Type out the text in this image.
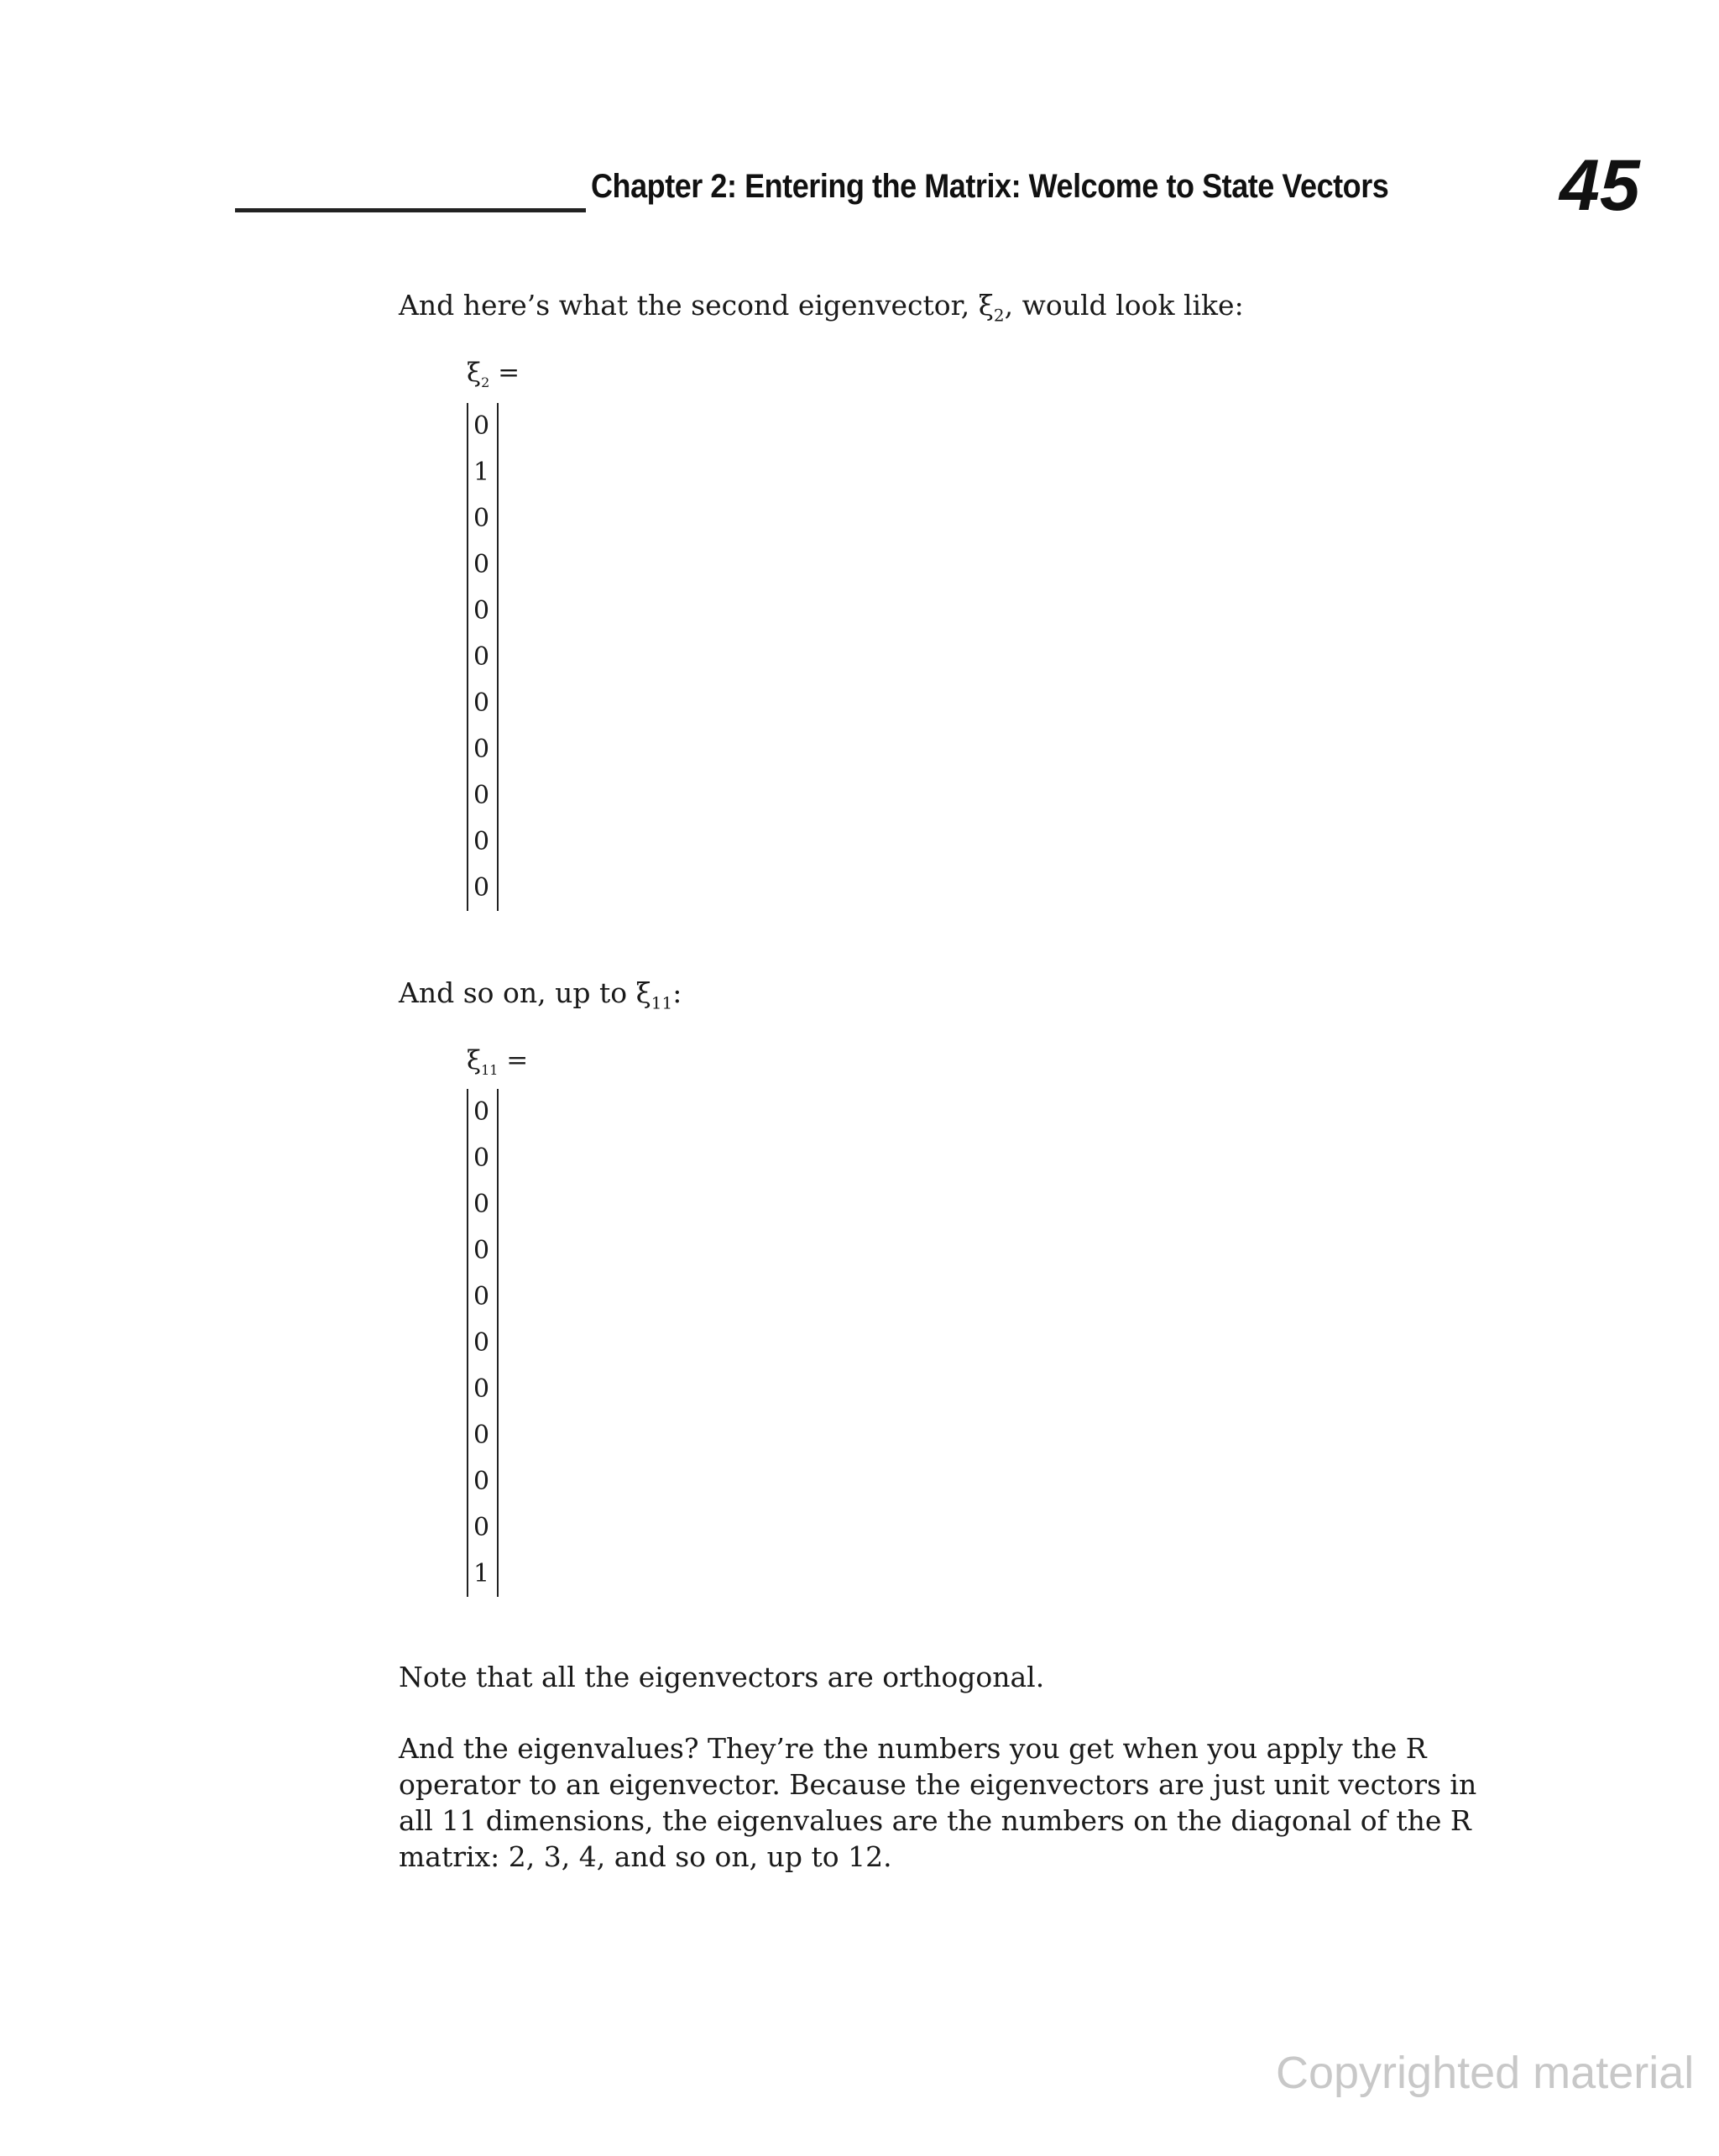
Chapter 2: Entering the Matrix: Welcome to State Vectors 45

And here’s what the second eigenvector, $\xi_2$, would look like:

$\xi_2$ =
0
1
0
0
0
0
0
0
0
0
0

And so on, up to $\xi_{11}$:

$\xi_{11}$ =
0
0
0
0
0
0
0
0
0
0
1

Note that all the eigenvectors are orthogonal.

And the eigenvalues? They’re the numbers you get when you apply the R operator to an eigenvector. Because the eigenvectors are just unit vectors in all 11 dimensions, the eigenvalues are the numbers on the diagonal of the R matrix: 2, 3, 4, and so on, up to 12.

Copyrighted material
